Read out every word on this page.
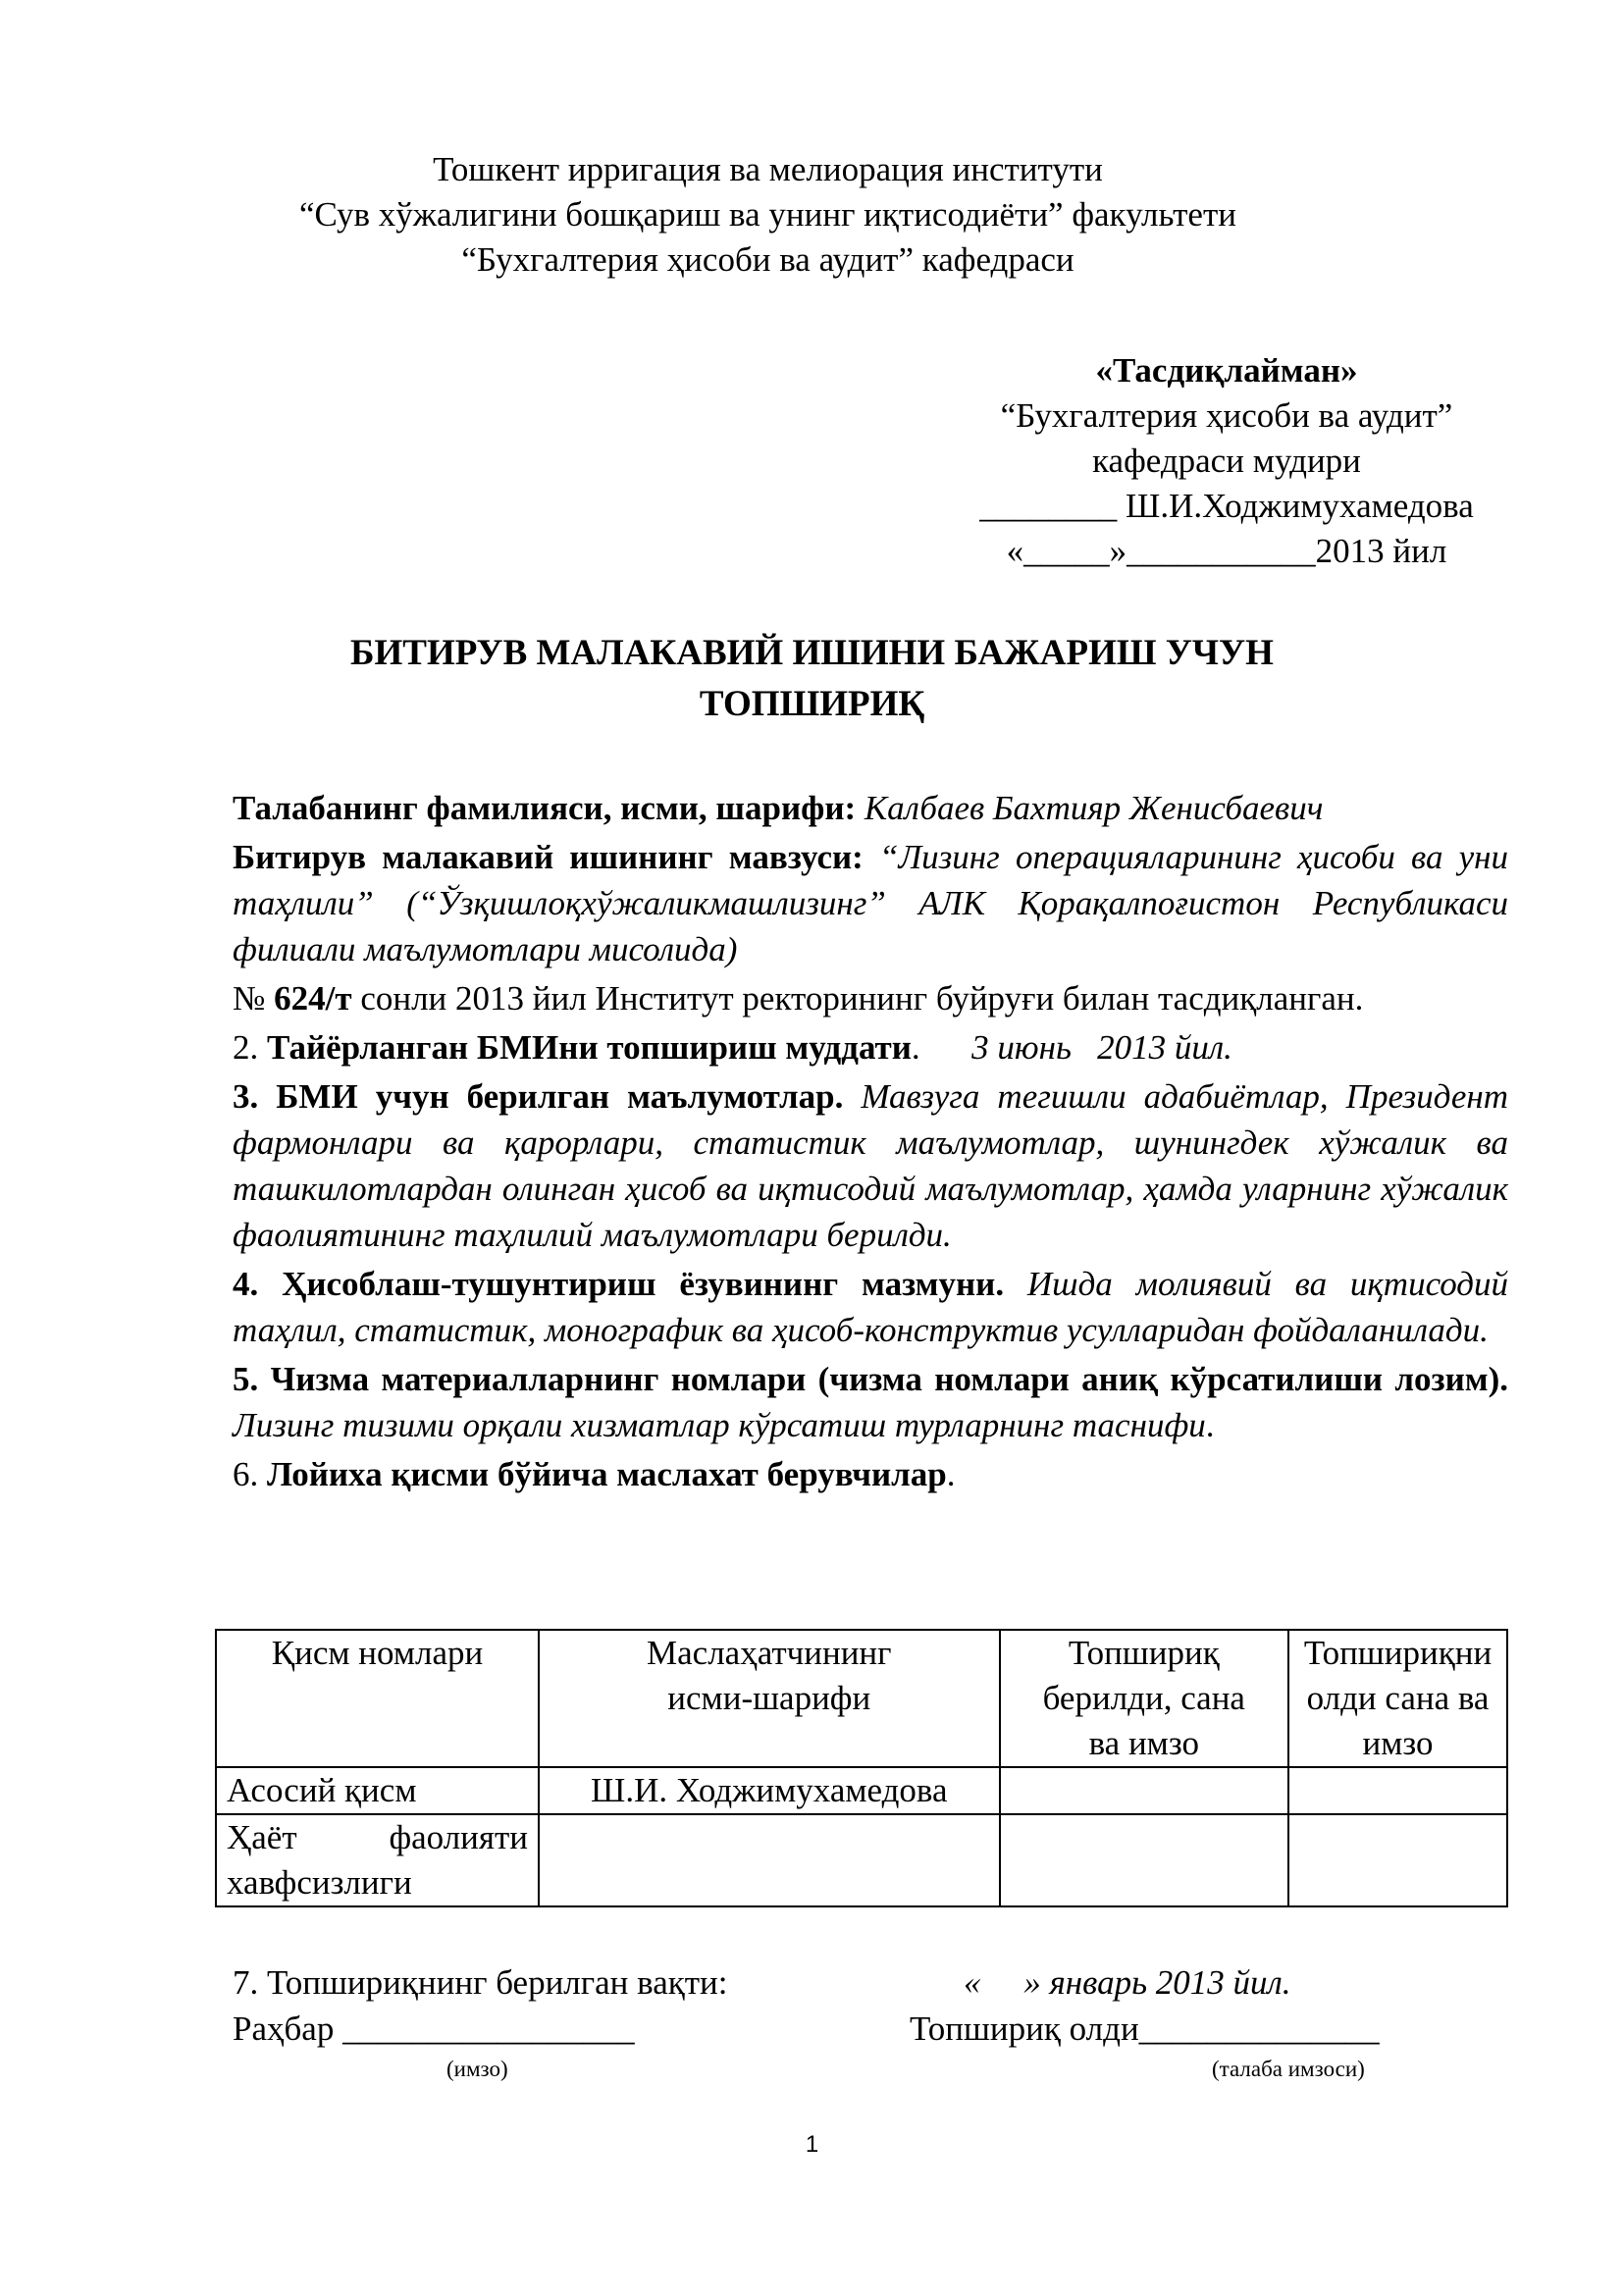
Тошкент ирригация ва мелиорация институти
“Сув хўжалигини бошқариш ва унинг иқтисодиёти” факультети
“Бухгалтерия ҳисоби ва аудит” кафедраси
«Тасдиқлайман»
“Бухгалтерия ҳисоби ва аудит”
кафедраси мудири
________ Ш.И.Ходжимухамедова
«_____»___________2013 йил
БИТИРУВ МАЛАКАВИЙ ИШИНИ БАЖАРИШ УЧУН
ТОПШИРИҚ

Талабанинг фамилияси, исми, шарифи: Калбаев Бахтияр Женисбаевич

Битирув малакавий ишининг мавзуси: “Лизинг операцияларининг ҳисоби ва уни таҳлили” (“Ўзқишлоқхўжаликмашлизинг” АЛК Қорақалпоғистон Республикаси филиали маълумотлари мисолида)

№ 624/т сонли 2013 йил Институт ректорининг буйруғи билан тасдиқланган.

2. Тайёрланган БМИни топшириш муддати.      3 июнь   2013 йил.

3. БМИ учун берилган маълумотлар. Мавзуга тегишли адабиётлар, Президент фармонлари ва қарорлари, статистик маълумотлар, шунингдек хўжалик ва ташкилотлардан олинган ҳисоб ва иқтисодий маълумотлар, ҳамда уларнинг хўжалик фаолиятининг таҳлилий маълумотлари берилди.

4. Ҳисоблаш-тушунтириш ёзувининг мазмуни. Ишда молиявий ва иқтисодий таҳлил, статистик, монографик ва ҳисоб-конструктив усулларидан фойдаланилади.

5. Чизма материалларнинг номлари (чизма номлари аниқ кўрсатилиши лозим). Лизинг тизими орқали хизматлар кўрсатиш турларнинг таснифи.

6. Лойиха қисми бўйича маслахат берувчилар.

Қисм номлари	Маслаҳатчининг исми-шарифи	Топшириқ берилди, сана ва имзо	Топшириқни олди сана ва имзо
Асосий қисм	Ш.И. Ходжимухамедова		
Ҳаёт фаолияти хавфсизлиги			
7. Топшириқнинг берилган вақти:	«     » январь 2013 йил.
Раҳбар _________________	Топшириқ олди______________
(имзо)	(талаба имзоси)
1
